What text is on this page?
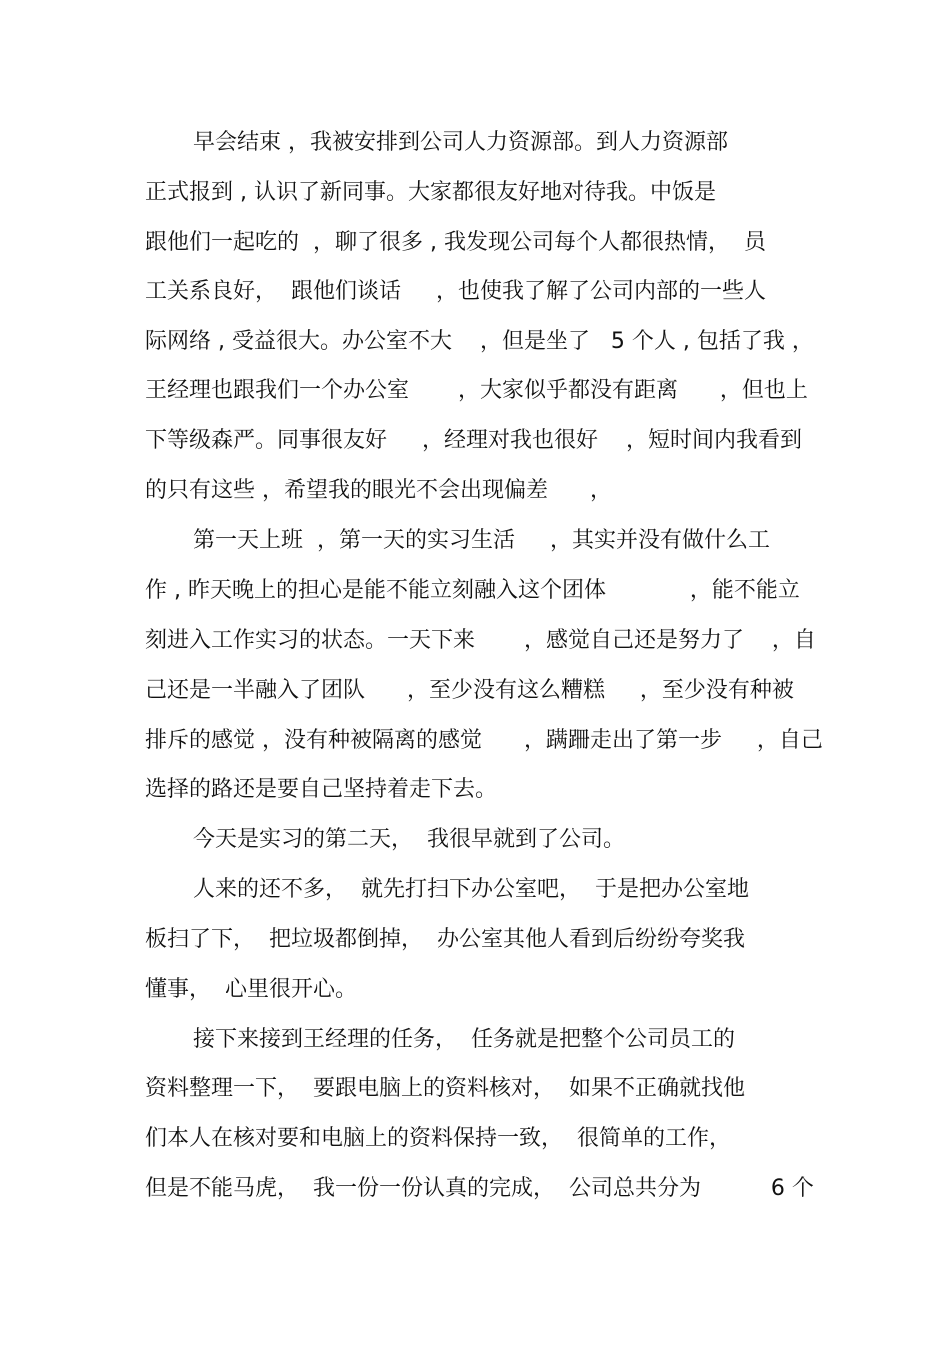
早会结束 ，我被安排到公司人力资源部。到人力资源部
正式报到 , 认识了新同事。大家都很友好地对待我。中饭是
跟他们一起吃的  ，聊了很多 , 我发现公司每个人都很热情，  员
工关系良好，  跟他们谈话     ，也使我了解了公司内部的一些人
际网络 , 受益很大。办公室不大    ，但是坐了   5 个人 , 包括了我 ，
王经理也跟我们一个办公室       ，大家似乎都没有距离      ，但也上
下等级森严。同事很友好     ，经理对我也很好    ，短时间内我看到
的只有这些 ，希望我的眼光不会出现偏差      ，
第一天上班  ，第一天的实习生活     ，其实并没有做什么工
作 , 昨天晚上的担心是能不能立刻融入这个团体            ，能不能立
刻进入工作实习的状态。一天下来       ，感觉自己还是努力了    ，自
己还是一半融入了团队      ，至少没有这么糟糕     ，至少没有种被
排斥的感觉 ，没有种被隔离的感觉      ，蹒跚走出了第一步     ，自己
选择的路还是要自己坚持着走下去。
今天是实习的第二天，  我很早就到了公司。
人来的还不多，  就先打扫下办公室吧，  于是把办公室地
板扫了下，  把垃圾都倒掉，  办公室其他人看到后纷纷夸奖我
懂事，  心里很开心。
接下来接到王经理的任务，  任务就是把整个公司员工的
资料整理一下，  要跟电脑上的资料核对，  如果不正确就找他
们本人在核对要和电脑上的资料保持一致，  很简单的工作，
但是不能马虎，  我一份一份认真的完成，  公司总共分为          6 个
